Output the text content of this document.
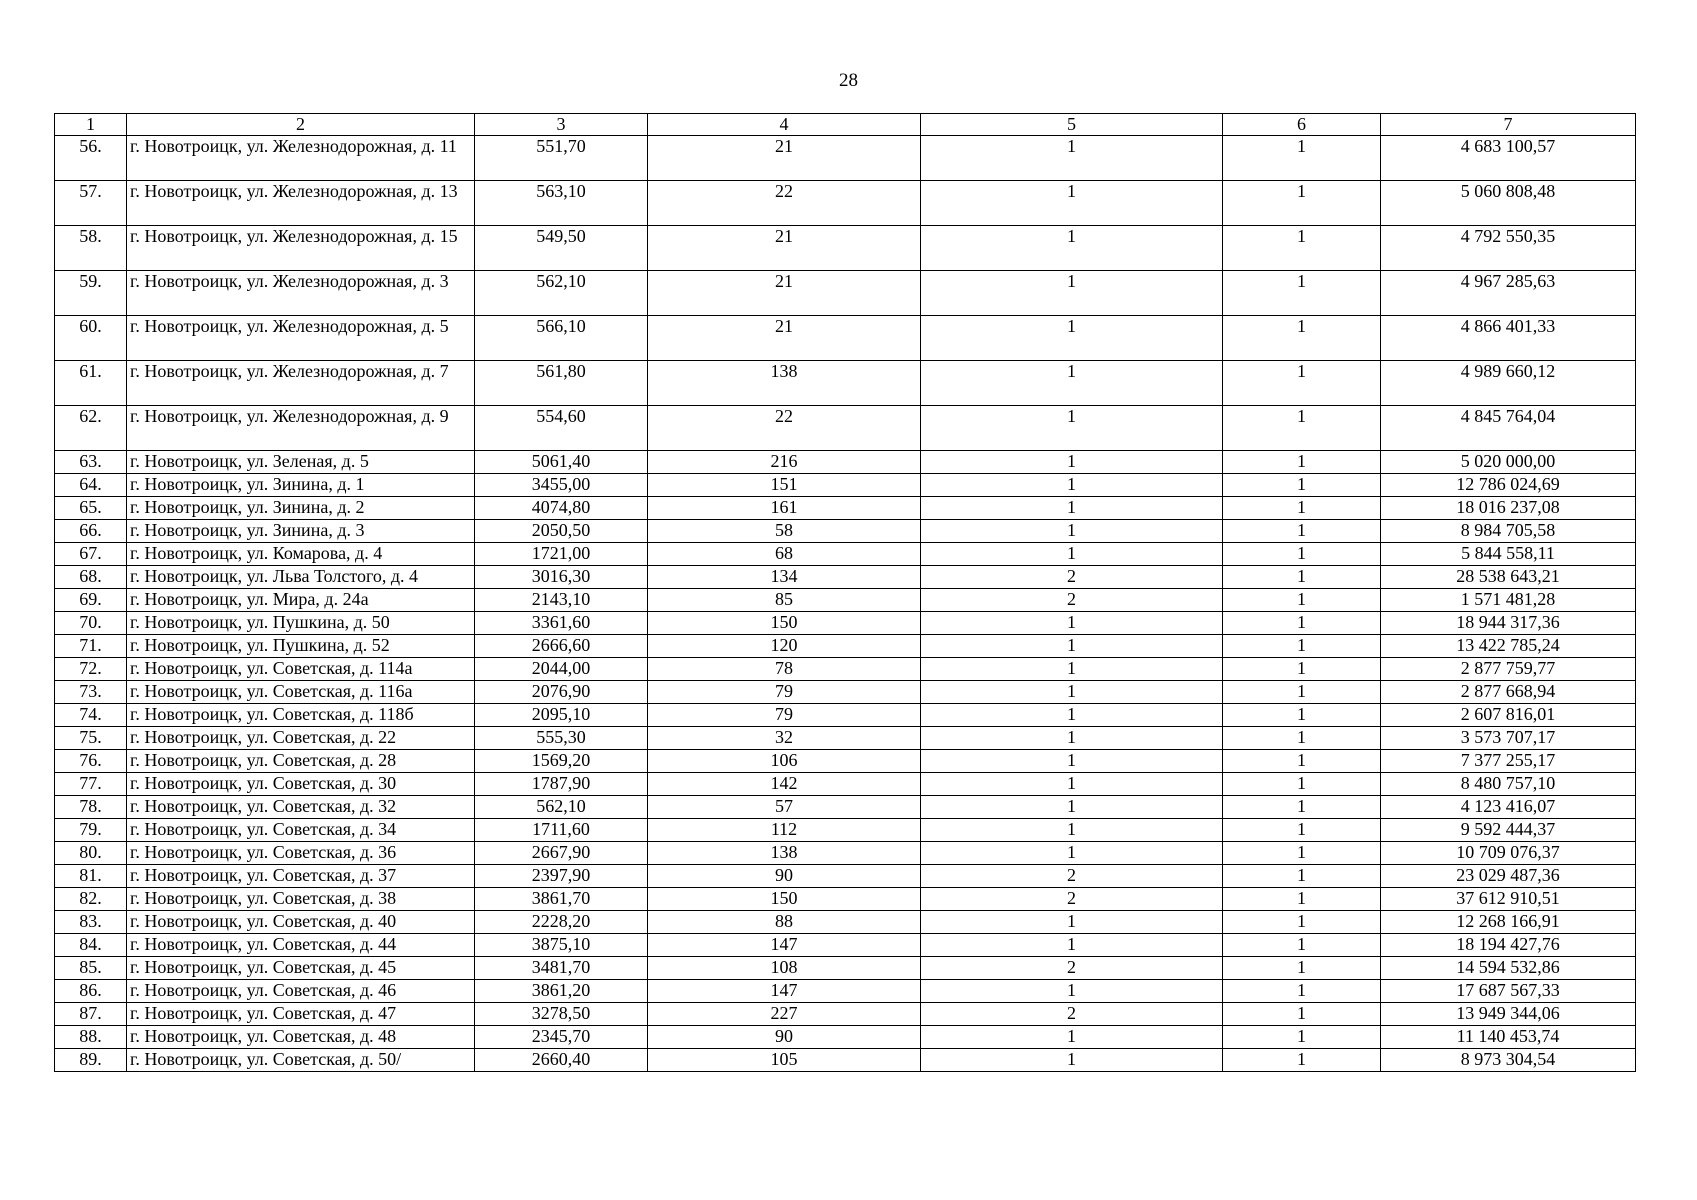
28
1	2	3	4	5	6	7
56.	г. Новотроицк, ул. Железнодорожная, д. 11	551,70	21	1	1	4 683 100,57
57.	г. Новотроицк, ул. Железнодорожная, д. 13	563,10	22	1	1	5 060 808,48
58.	г. Новотроицк, ул. Железнодорожная, д. 15	549,50	21	1	1	4 792 550,35
59.	г. Новотроицк, ул. Железнодорожная, д. 3	562,10	21	1	1	4 967 285,63
60.	г. Новотроицк, ул. Железнодорожная, д. 5	566,10	21	1	1	4 866 401,33
61.	г. Новотроицк, ул. Железнодорожная, д. 7	561,80	138	1	1	4 989 660,12
62.	г. Новотроицк, ул. Железнодорожная, д. 9	554,60	22	1	1	4 845 764,04
63.	г. Новотроицк, ул. Зеленая, д. 5	5061,40	216	1	1	5 020 000,00
64.	г. Новотроицк, ул. Зинина, д. 1	3455,00	151	1	1	12 786 024,69
65.	г. Новотроицк, ул. Зинина, д. 2	4074,80	161	1	1	18 016 237,08
66.	г. Новотроицк, ул. Зинина, д. 3	2050,50	58	1	1	8 984 705,58
67.	г. Новотроицк, ул. Комарова, д. 4	1721,00	68	1	1	5 844 558,11
68.	г. Новотроицк, ул. Льва Толстого, д. 4	3016,30	134	2	1	28 538 643,21
69.	г. Новотроицк, ул. Мира, д. 24а	2143,10	85	2	1	1 571 481,28
70.	г. Новотроицк, ул. Пушкина, д. 50	3361,60	150	1	1	18 944 317,36
71.	г. Новотроицк, ул. Пушкина, д. 52	2666,60	120	1	1	13 422 785,24
72.	г. Новотроицк, ул. Советская, д. 114а	2044,00	78	1	1	2 877 759,77
73.	г. Новотроицк, ул. Советская, д. 116а	2076,90	79	1	1	2 877 668,94
74.	г. Новотроицк, ул. Советская, д. 118б	2095,10	79	1	1	2 607 816,01
75.	г. Новотроицк, ул. Советская, д. 22	555,30	32	1	1	3 573 707,17
76.	г. Новотроицк, ул. Советская, д. 28	1569,20	106	1	1	7 377 255,17
77.	г. Новотроицк, ул. Советская, д. 30	1787,90	142	1	1	8 480 757,10
78.	г. Новотроицк, ул. Советская, д. 32	562,10	57	1	1	4 123 416,07
79.	г. Новотроицк, ул. Советская, д. 34	1711,60	112	1	1	9 592 444,37
80.	г. Новотроицк, ул. Советская, д. 36	2667,90	138	1	1	10 709 076,37
81.	г. Новотроицк, ул. Советская, д. 37	2397,90	90	2	1	23 029 487,36
82.	г. Новотроицк, ул. Советская, д. 38	3861,70	150	2	1	37 612 910,51
83.	г. Новотроицк, ул. Советская, д. 40	2228,20	88	1	1	12 268 166,91
84.	г. Новотроицк, ул. Советская, д. 44	3875,10	147	1	1	18 194 427,76
85.	г. Новотроицк, ул. Советская, д. 45	3481,70	108	2	1	14 594 532,86
86.	г. Новотроицк, ул. Советская, д. 46	3861,20	147	1	1	17 687 567,33
87.	г. Новотроицк, ул. Советская, д. 47	3278,50	227	2	1	13 949 344,06
88.	г. Новотроицк, ул. Советская, д. 48	2345,70	90	1	1	11 140 453,74
89.	г. Новотроицк, ул. Советская, д. 50/	2660,40	105	1	1	8 973 304,54
